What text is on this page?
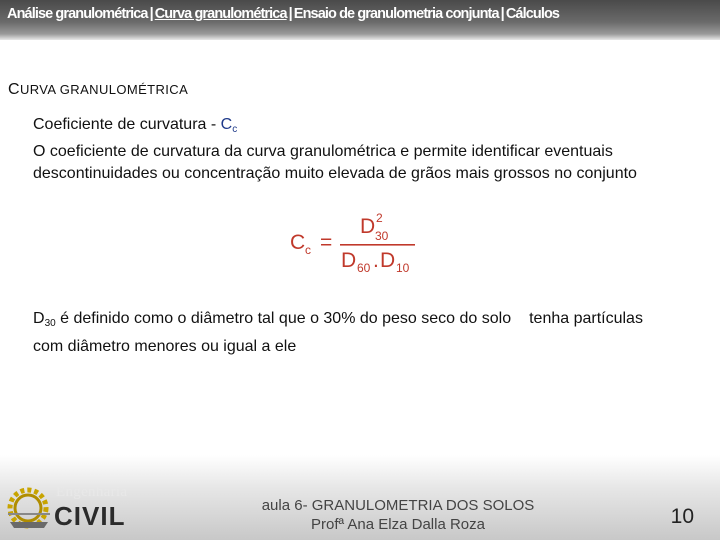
Análise granulométrica | Curva granulométrica | Ensaio de granulometria conjunta | Cálculos
CURVA GRANULOMÉTRICA
Coeficiente de curvatura - $C_c$
O coeficiente de curvatura da curva granulométrica e permite identificar eventuais descontinuidades ou concentração muito elevada de grãos mais grossos no conjunto
C c =
D 2
30
D 60 . D 10
$D_{30}$ é definido como o diâmetro tal que o 30% do peso seco do solo tenha partículas com diâmetro menores ou igual a ele
Engenharia
CIVIL	aula 6- GRANULOMETRIA DOS SOLOS
Profª Ana Elza Dalla Roza	10
